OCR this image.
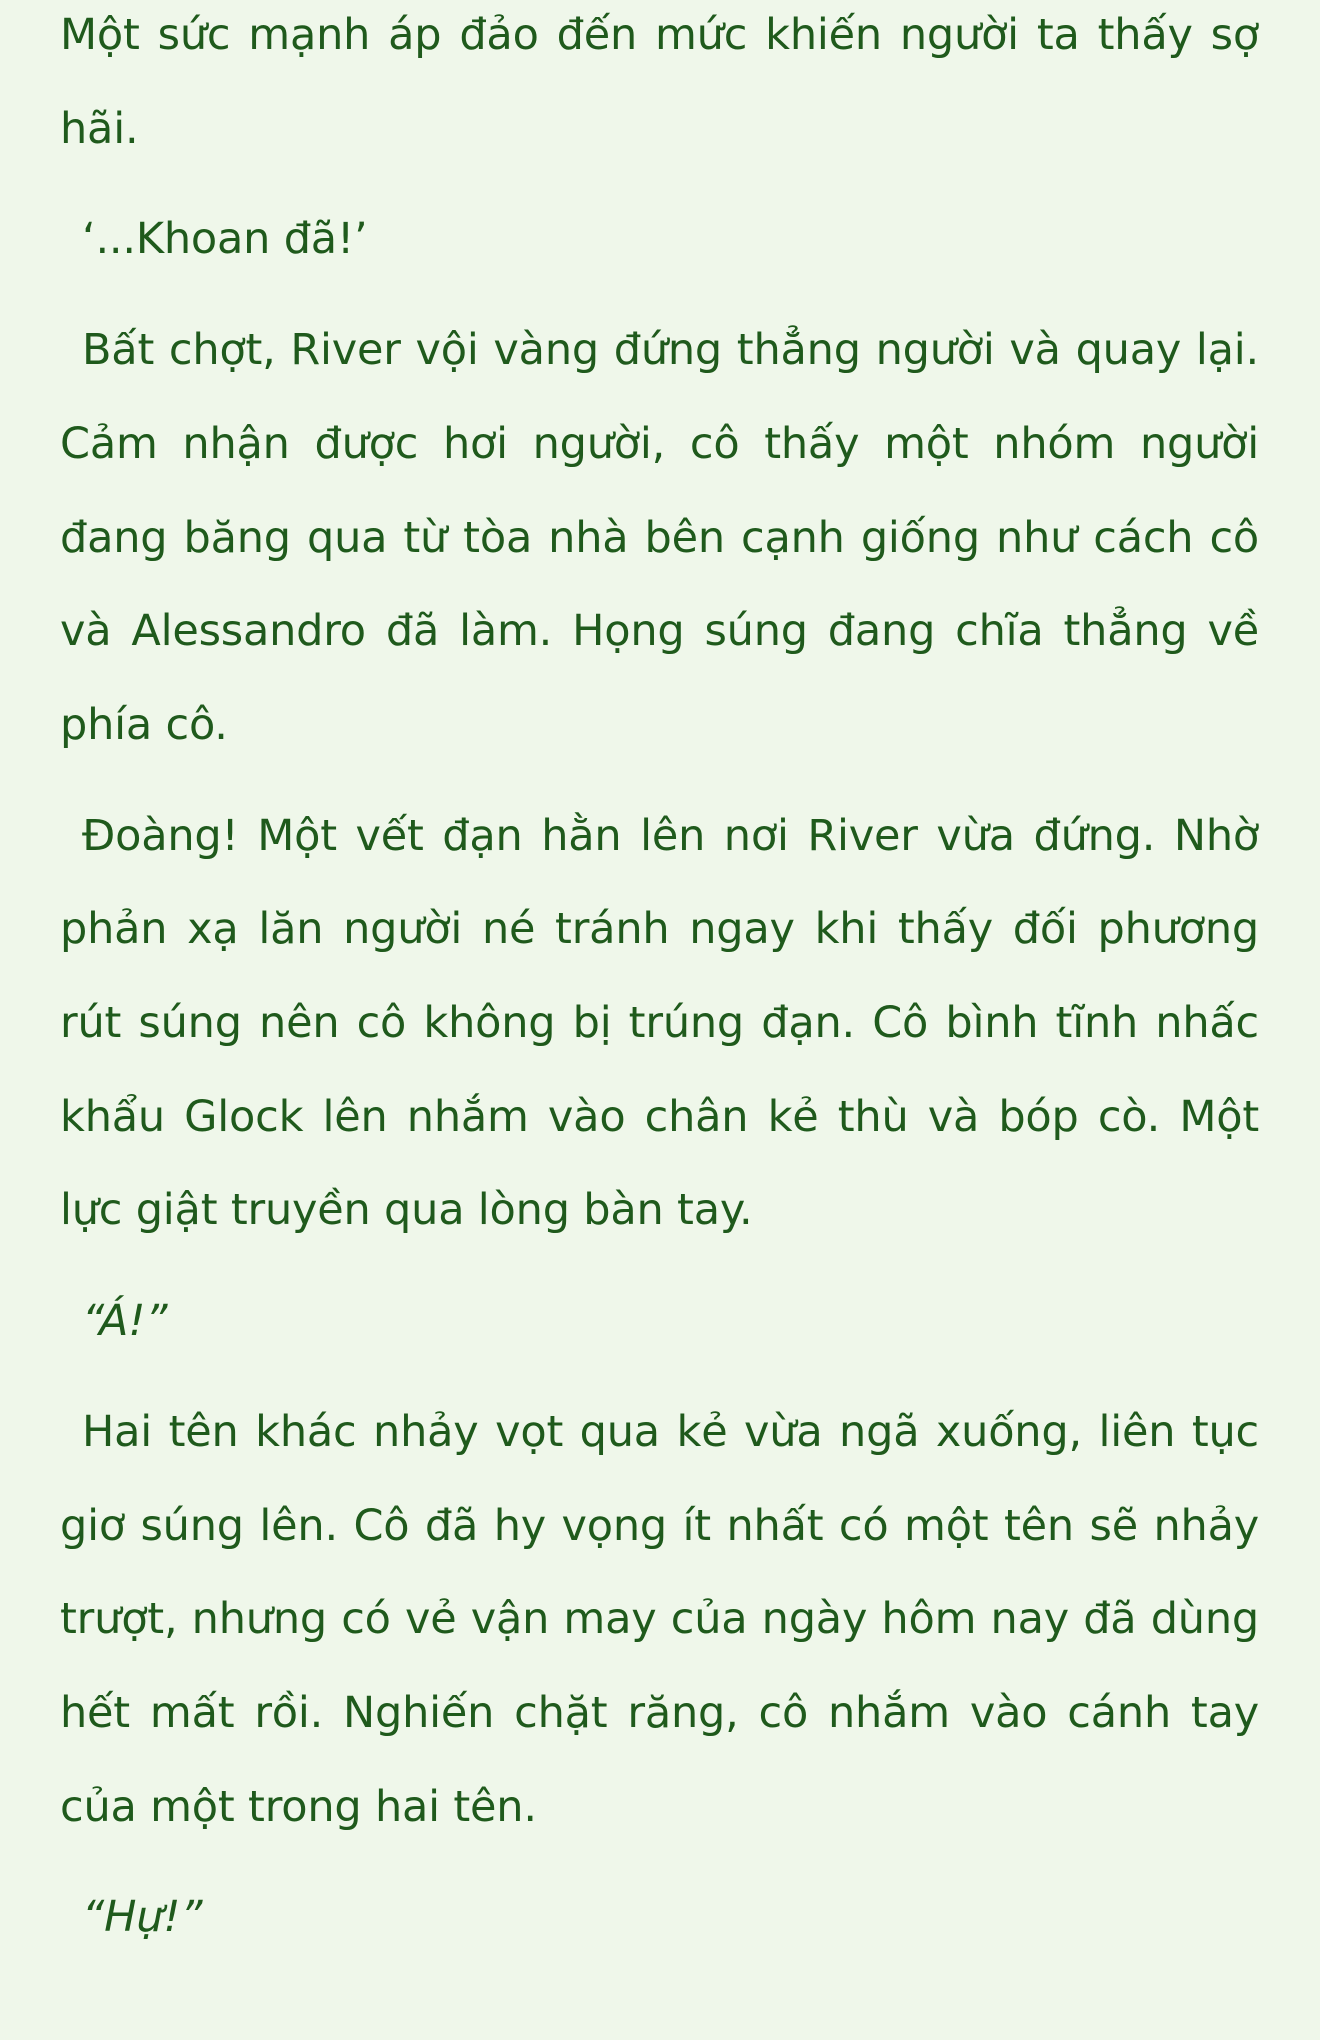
Một sức mạnh áp đảo đến mức khiến người ta thấy sợ hãi.

‘...Khoan đã!’

Bất chợt, River vội vàng đứng thẳng người và quay lại. Cảm nhận được hơi người, cô thấy một nhóm người đang băng qua từ tòa nhà bên cạnh giống như cách cô và Alessandro đã làm. Họng súng đang chĩa thẳng về phía cô.

Đoàng! Một vết đạn hằn lên nơi River vừa đứng. Nhờ phản xạ lăn người né tránh ngay khi thấy đối phương rút súng nên cô không bị trúng đạn. Cô bình tĩnh nhấc khẩu Glock lên nhắm vào chân kẻ thù và bóp cò. Một lực giật truyền qua lòng bàn tay.

“Á!”

Hai tên khác nhảy vọt qua kẻ vừa ngã xuống, liên tục giơ súng lên. Cô đã hy vọng ít nhất có một tên sẽ nhảy trượt, nhưng có vẻ vận may của ngày hôm nay đã dùng hết mất rồi. Nghiến chặt răng, cô nhắm vào cánh tay của một trong hai tên.

“Hự!”
